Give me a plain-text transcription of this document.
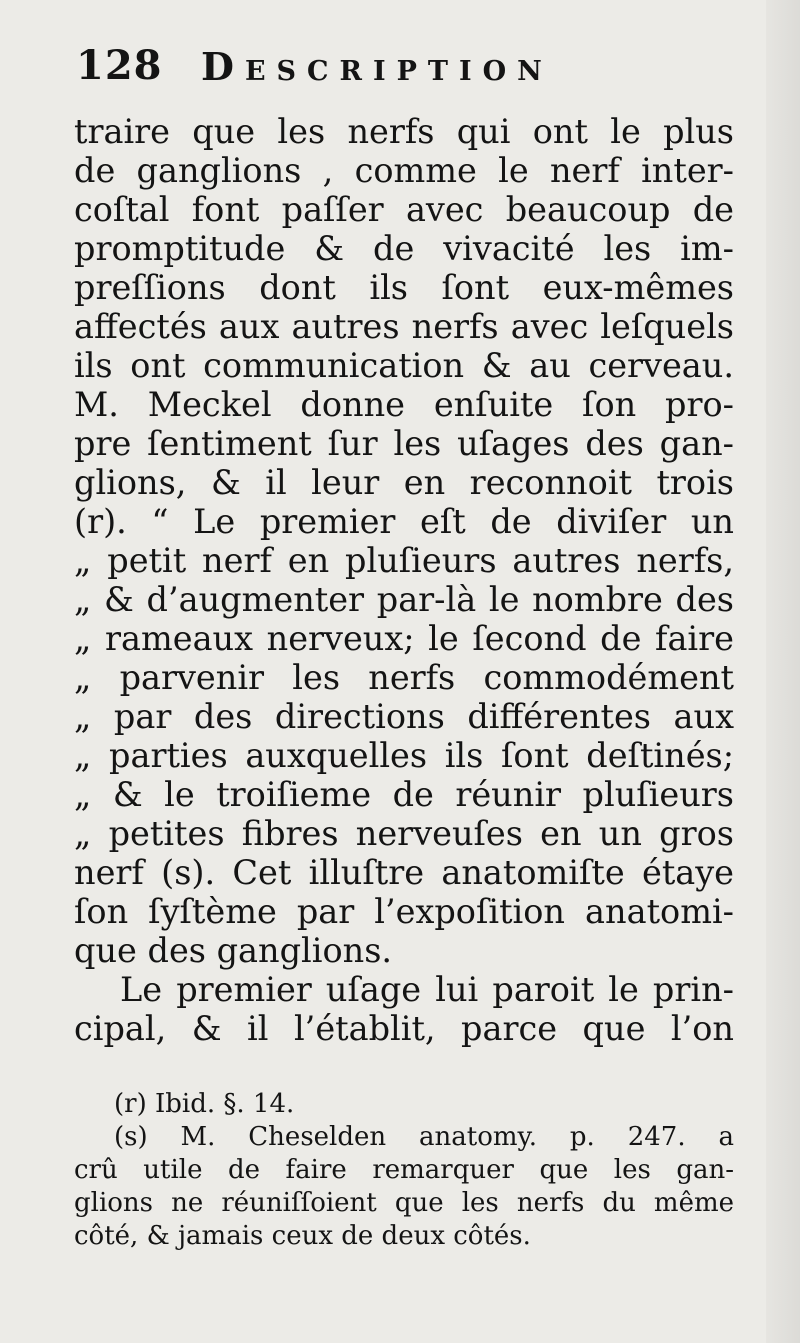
128 Description
traire que les nerfs qui ont le plus
de ganglions , comme le nerf inter-
coſtal font paſſer avec beaucoup de
promptitude & de vivacité les im-
preſſions dont ils ſont eux-mêmes
affectés aux autres nerfs avec leſquels
ils ont communication & au cerveau.
M. Meckel donne enſuite ſon pro-
pre ſentiment ſur les uſages des gan-
glions, & il leur en reconnoit trois
(r). “ Le premier eſt de diviſer un
„ petit nerf en pluſieurs autres nerfs,
„ & d’augmenter par-là le nombre des
„ rameaux nerveux; le ſecond de faire
„ parvenir les nerfs commodément
„ par des directions différentes aux
„ parties auxquelles ils ſont deſtinés;
„ & le troiſieme de réunir pluſieurs
„ petites fibres nerveuſes en un gros
nerf (s). Cet illuſtre anatomiſte étaye
ſon ſyſtème par l’expoſition anatomi-
que des ganglions.
Le premier uſage lui paroit le prin-
cipal, & il l’établit, parce que l’on
(r) Ibid. §. 14.
(s) M. Cheselden anatomy. p. 247. a
crû utile de faire remarquer que les gan-
glions ne réuniſſoient que les nerfs du même
côté, & jamais ceux de deux côtés.
